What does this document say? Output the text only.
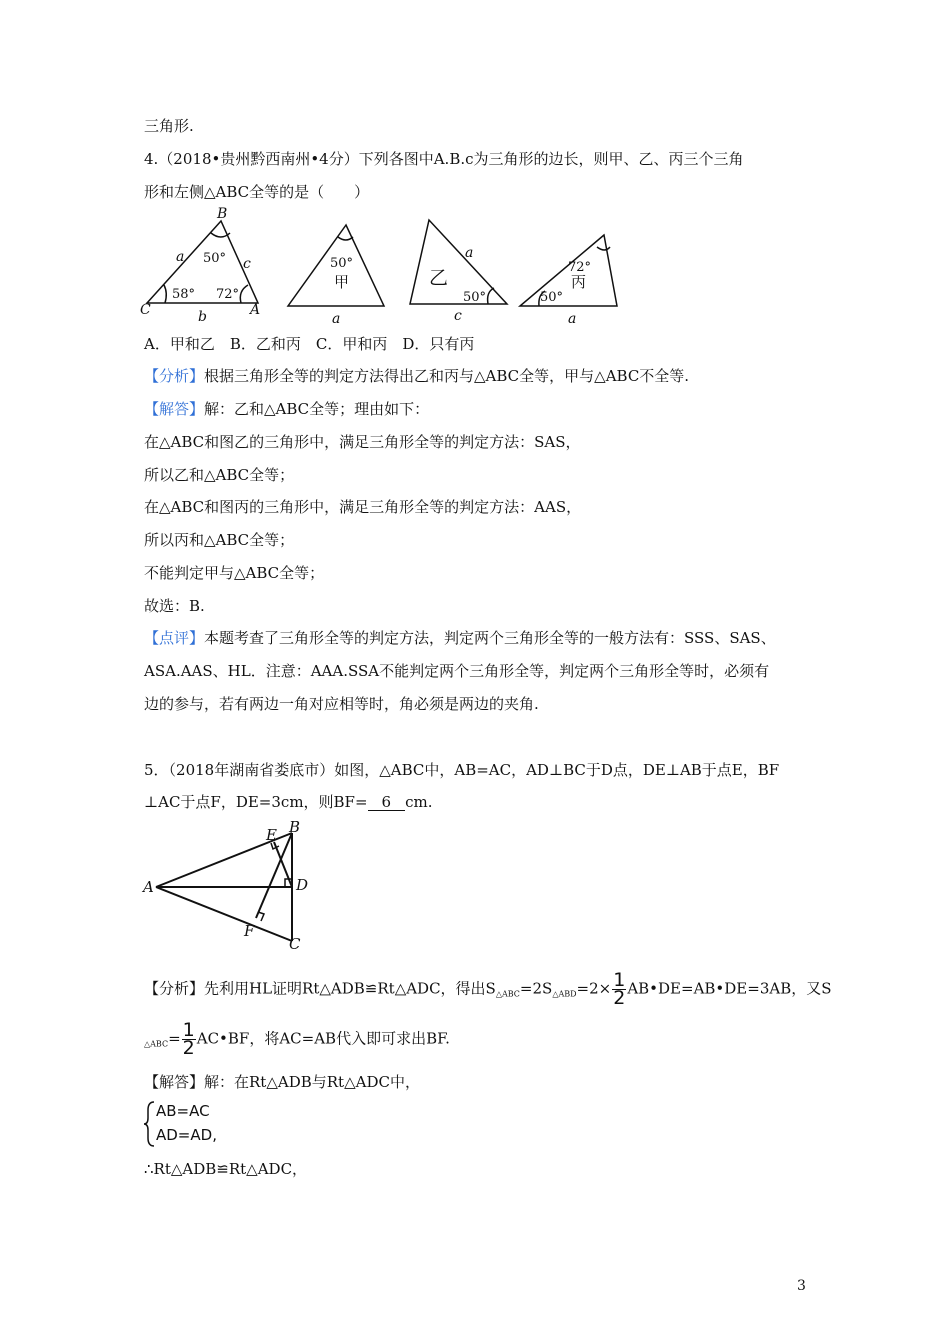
三角形.
4.（2018•贵州黔西南州•4分）下列各图中A.B.c为三角形的边长，则甲、乙、丙三个三角
形和左侧△ABC全等的是（　　）
B
C	A
a	c
b
50°
58° 72°
50°
甲
a
乙
a
c
50°
72°
丙
50°
a
A．甲和乙　B．乙和丙　C．甲和丙　D．只有丙
【分析】根据三角形全等的判定方法得出乙和丙与△ABC全等，甲与△ABC不全等.
【解答】解：乙和△ABC全等；理由如下：
在△ABC和图乙的三角形中，满足三角形全等的判定方法：SAS，
所以乙和△ABC全等；
在△ABC和图丙的三角形中，满足三角形全等的判定方法：AAS，
所以丙和△ABC全等；
不能判定甲与△ABC全等；
故选：B.
【点评】本题考查了三角形全等的判定方法，判定两个三角形全等的一般方法有：SSS、SAS、
ASA.AAS、HL．注意：AAA.SSA不能判定两个三角形全等，判定两个三角形全等时，必须有
边的参与，若有两边一角对应相等时，角必须是两边的夹角.
5．（2018年湖南省娄底市）如图，△ABC中，AB=AC，AD⊥BC于D点，DE⊥AB于点E，BF
⊥AC于点F，DE=3cm，则BF= 6 cm.
A
B
C
D
E
F
【分析】先利用HL证明Rt△ADB≌Rt△ADC，得出$S_{\triangle ABC}=2S_{\triangle ABD}=2\times \frac{1}{2}$ AB•DE=AB•DE=3AB，又S
$_{\triangle ABC}= \frac{1}{2}$ AC•BF，将AC=AB代入即可求出BF.
【解答】解：在Rt△ADB与Rt△ADC中，
AB=AC
AD=AD,
∴Rt△ADB≌Rt△ADC，
3
